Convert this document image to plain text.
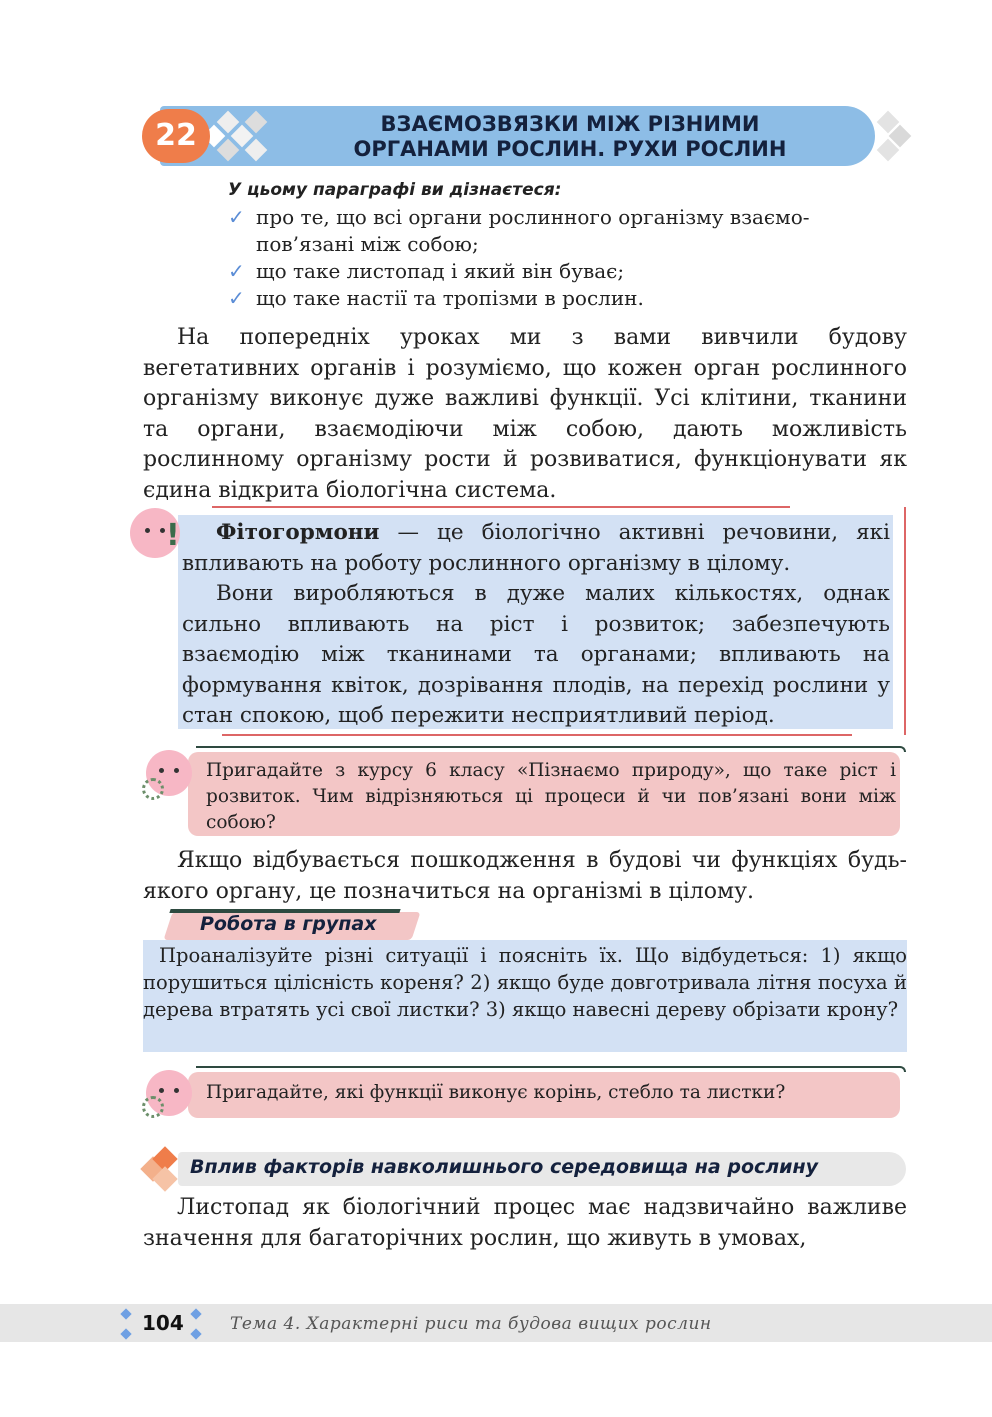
22	ВЗАЄМОЗВЯЗКИ МІЖ РІЗНИМИ
ОРГАНАМИ РОСЛИН. РУХИ РОСЛИН
У цьому параграфі ви дізнаєтеся:
✓ про те, що всі органи рослинного організму взаємо-
пов’язані між собою;
✓ що таке листопад і який він буває;
✓ що таке настії та тропізми в рослин.
На попередніх уроках ми з вами вивчили будову вегетативних органів і розуміємо, що кожен орган рослинного організму виконує дуже важливі функції. Усі клітини, тканини та органи, взаємодіючи між собою, дають можливість рослинному організму рости й розвиватися, функціонувати як єдина відкрита біологічна система.
!	Фітогормони — це біологічно активні речовини, які впливають на роботу рослинного організму в цілому.
Вони виробляються в дуже малих кількостях, однак сильно впливають на ріст і розвиток; забезпечують взаємодію між тканинами та органами; впливають на формування квіток, дозрівання плодів, на перехід рослини у стан спокою, щоб пережити несприятливий період.
Пригадайте з курсу 6 класу «Пізнаємо природу», що таке ріст і розвиток. Чим відрізняються ці процеси й чи пов’язані вони між собою?
Якщо відбувається пошкодження в будові чи функціях будь-якого органу, це позначиться на організмі в цілому.
Робота в групах
Проаналізуйте різні ситуації і поясніть їх. Що відбудеться: 1) якщо порушиться цілісність кореня? 2) якщо буде довготривала літня посуха й дерева втратять усі свої листки? 3) якщо навесні дереву обрізати крону?
Пригадайте, які функції виконує корінь, стебло та листки?
Вплив факторів навколишнього середовища на рослину
Листопад як біологічний процес має надзвичайно важливе значення для багаторічних рослин, що живуть в умовах,
104	Тема 4. Характерні риси та будова вищих рослин
